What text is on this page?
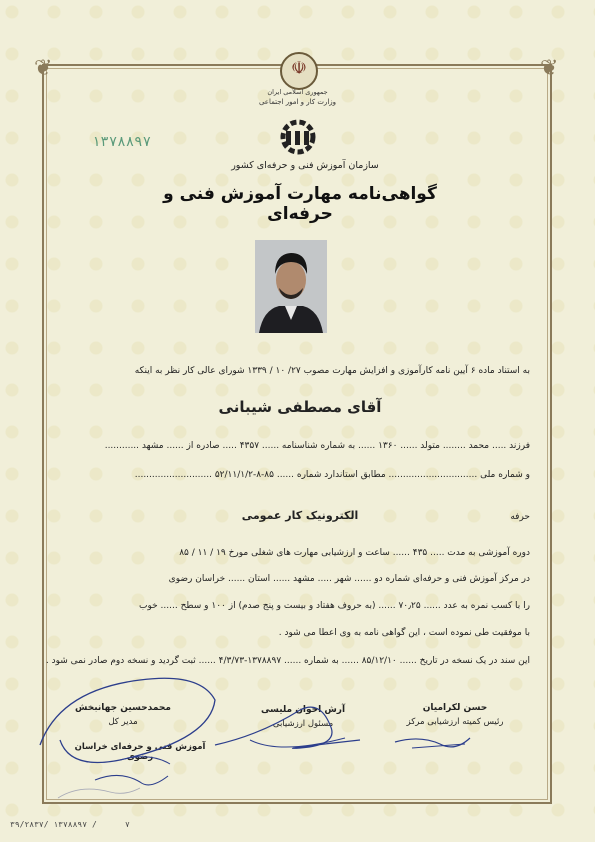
❦	❦
☫
جمهوری اسلامی ایران
وزارت کار و امور اجتماعی
۱۳۷۸۸۹۷
سازمان آموزش فنی و حرفه‌ای کشور
گواهی‌نامه مهارت آموزش فنی و حرفه‌ای
به استناد ماده ۶ آیین نامه کارآموزی و افزایش مهارت مصوب ۲۷/ ۱۰ / ۱۳۳۹ شورای عالی کار نظر به اینکه
آقای مصطفی شیبانی
فرزند ..... محمد ........ متولد ...... ۱۳۶۰ ...... به شماره شناسنامه ...... ۴۳۵۷ ..... صادره از ...... مشهد ............
و شماره ملی ............................... مطابق استاندارد شماره ...... ۸۵-۸-۵۲/۱۱/۱/۲ ...........................
حرفه
الکترونیک کار عمومی
دوره آموزشی به مدت ..... ۴۳۵ ...... ساعت و ارزشیابی مهارت های شغلی مورخ ۱۹ / ۱۱ / ۸۵
در مرکز آموزش فنی و حرفه‌ای شماره دو ...... شهر ..... مشهد ...... استان ...... خراسان رضوی
را با کسب نمره به عدد ...... ۷۰٫۲۵ ...... (به حروف هفتاد و بیست و پنج صدم) از ۱۰۰ و سطح ...... خوب
با موفقیت طی نموده است ، این گواهی نامه به وی اعطا می شود .
این سند در یک نسخه در تاریخ ...... ۸۵/۱۲/۱۰ ...... به شماره ...... ۱۳۷۸۸۹۷-۴/۳/۷۳ ...... ثبت گردید و نسخه دوم صادر نمی شود .
محمدحسین جهانبخش
مدیر کل
آموزش فنی و حرفه‌ای خراسان رضوی
آرش اخوان ملیسی
مسئول ارزشیابی
حسن لکرامیان
رئیس کمیته ارزشیابی مرکز
۳۹/۲۸۳۷/ ۱۳۷۸۸۹۷ /	۷
